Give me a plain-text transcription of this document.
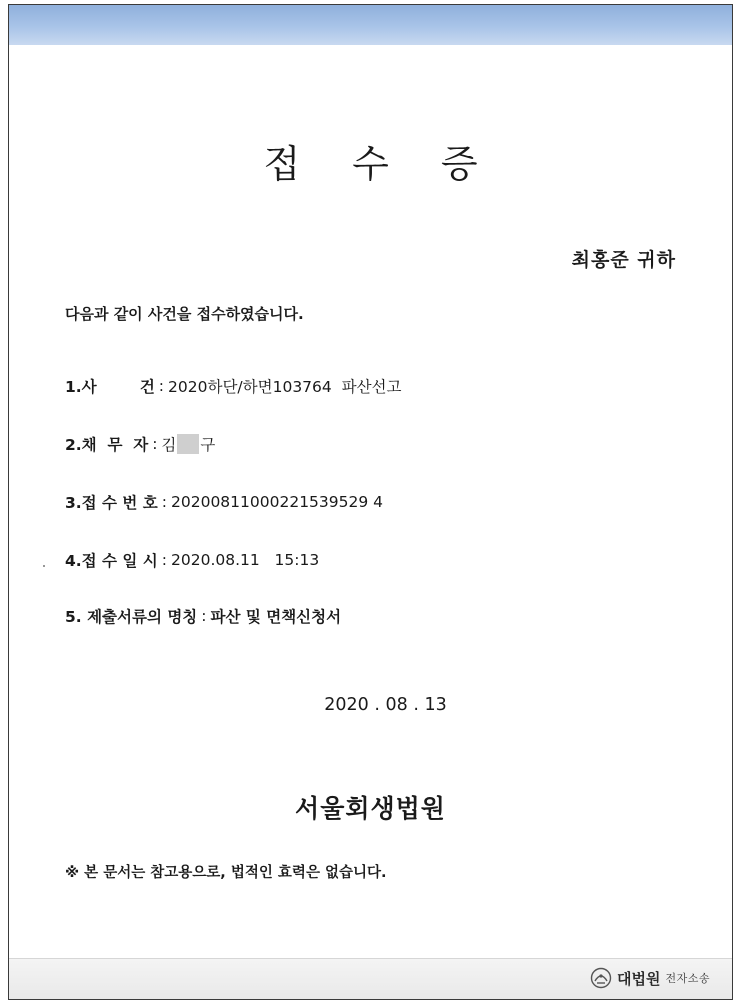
접수증
최홍준 귀하
다음과 같이 사건을 접수하였습니다.
1.사        건 : 2020하단/하면103764  파산선고
2.채  무  자 : 김 구
3.접 수 번 호 : 20200811000221539529 4
4.접 수 일 시 : 2020.08.11   15:13
5. 제출서류의 명칭 : 파산 및 면책신청서
2020 . 08 . 13
서울회생법원
※ 본 문서는 참고용으로, 법적인 효력은 없습니다.
대법원 전자소송
